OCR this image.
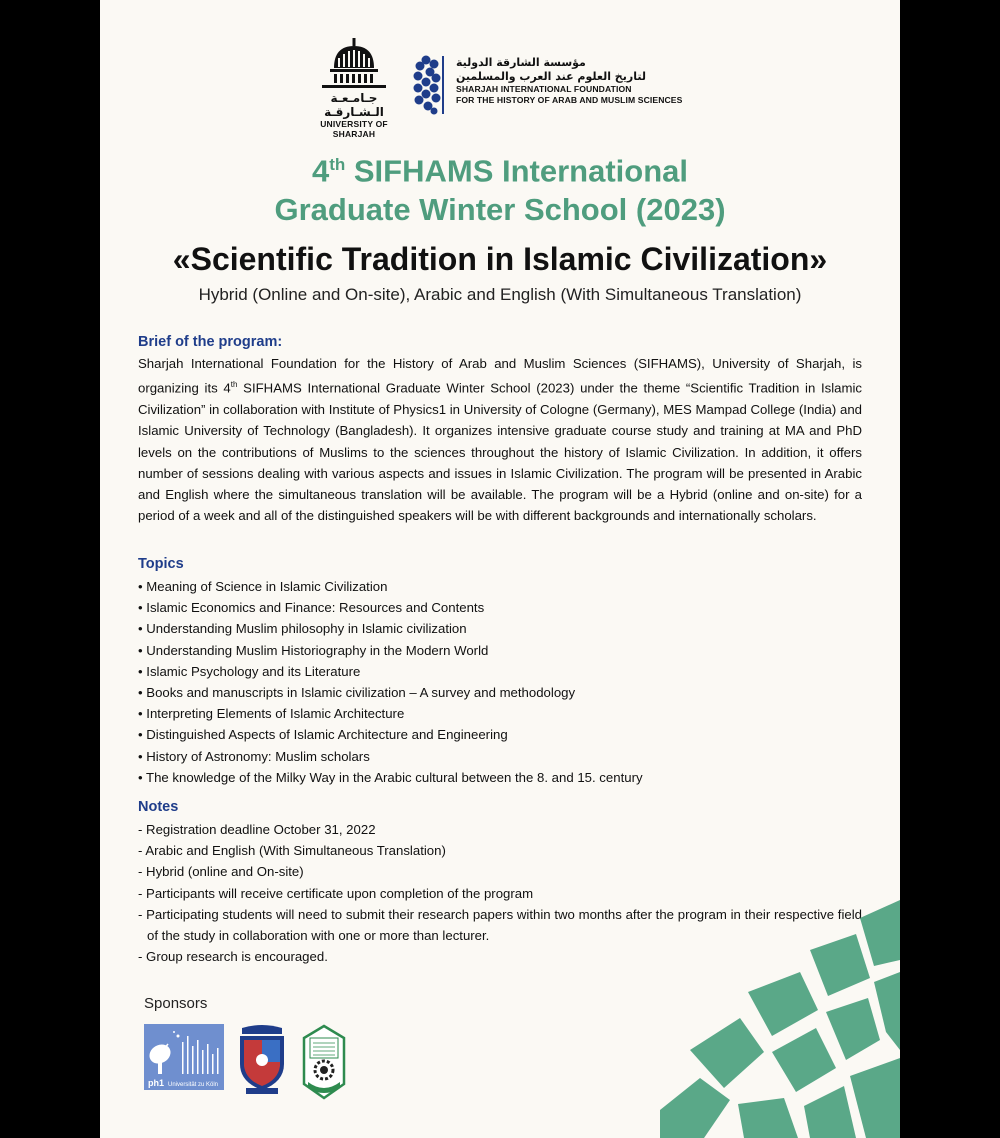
جـامـعـة الـشـارقـة
UNIVERSITY OF SHARJAH
مؤسسة الشارقة الدولية
لتاريخ العلوم عند العرب والمسلمين
SHARJAH INTERNATIONAL FOUNDATION
FOR THE HISTORY OF ARAB AND MUSLIM SCIENCES
4th SIFHAMS International
Graduate Winter School (2023)
«Scientific Tradition in Islamic Civilization»
Hybrid (Online and On-site), Arabic and English (With Simultaneous Translation)
Brief of the program:
Sharjah International Foundation for the History of Arab and Muslim Sciences (SIFHAMS), University of Sharjah, is organizing its 4th SIFHAMS International Graduate Winter School (2023) under the theme “Scientific Tradition in Islamic Civilization” in collaboration with Institute of Physics1 in University of Cologne (Germany), MES Mampad College (India) and Islamic University of Technology (Bangladesh). It organizes intensive graduate course study and training at MA and PhD levels on the contributions of Muslims to the sciences throughout the history of Islamic Civilization. In addition, it offers number of sessions dealing with various aspects and issues in Islamic Civilization. The program will be presented in Arabic and English where the simultaneous translation will be available. The program will be a Hybrid (online and on-site) for a period of a week and all of the distinguished speakers will be with different backgrounds and internationally scholars.
Topics
• Meaning of Science in Islamic Civilization
• Islamic Economics and Finance: Resources and Contents
• Understanding Muslim philosophy in Islamic civilization
• Understanding Muslim Historiography in the Modern World
• Islamic Psychology and its Literature
• Books and manuscripts in Islamic civilization – A survey and methodology
• Interpreting Elements of Islamic Architecture
• Distinguished Aspects of Islamic Architecture and Engineering
• History of Astronomy: Muslim scholars
• The knowledge of the Milky Way in the Arabic cultural between the 8. and 15. century
Notes
- Registration deadline October 31, 2022
- Arabic and English (With Simultaneous Translation)
- Hybrid (online and On-site)
- Participants will receive certificate upon completion of the program
- Participating students will need to submit their research papers within two months after the program in their respective field of the study in collaboration with one or more than lecturer.
- Group research is encouraged.
Sponsors
ph1 Universität zu Köln
